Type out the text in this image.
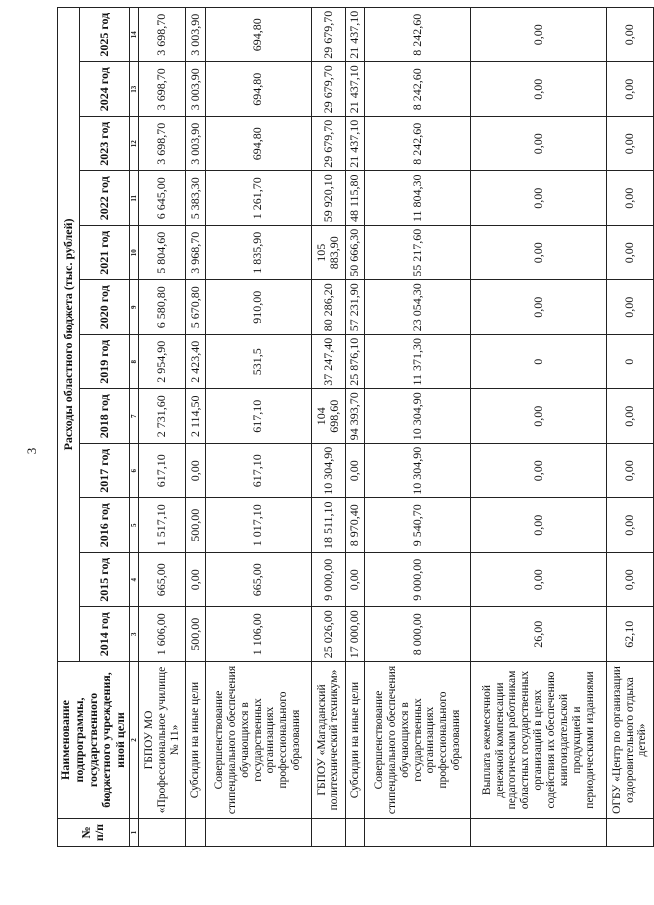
3
№ п/п	Наименование подпрограммы, государственного бюджетного учреждения, иной цели	Расходы областного бюджета (тыс. рублей)											
		2014 год	2015 год	2016 год	2017 год	2018 год	2019 год	2020 год	2021 год	2022 год	2023 год	2024 год	2025 год
1	2	3	4	5	6	7	8	9	10	11	12	13	14
	ГБПОУ МО «Профессиональное училище № 11»	1 606,00	665,00	1 517,10	617,10	2 731,60	2 954,90	6 580,80	5 804,60	6 645,00	3 698,70	3 698,70	3 698,70
	Субсидии на иные цели	500,00	0,00	500,00	0,00	2 114,50	2 423,40	5 670,80	3 968,70	5 383,30	3 003,90	3 003,90	3 003,90
	Совершенствование стипендиального обеспечения обучающихся в государственных организациях профессионального образования	1 106,00	665,00	1 017,10	617,10	617,10	531,5	910,00	1 835,90	1 261,70	694,80	694,80	694,80
	ГБПОУ «Магаданский политехнический техникум»	25 026,00	9 000,00	18 511,10	10 304,90	104 698,60	37 247,40	80 286,20	105 883,90	59 920,10	29 679,70	29 679,70	29 679,70
	Субсидии на иные цели	17 000,00	0,00	8 970,40	0,00	94 393,70	25 876,10	57 231,90	50 666,30	48 115,80	21 437,10	21 437,10	21 437,10
	Совершенствование стипендиального обеспечения обучающихся в государственных организациях профессионального образования	8 000,00	9 000,00	9 540,70	10 304,90	10 304,90	11 371,30	23 054,30	55 217,60	11 804,30	8 242,60	8 242,60	8 242,60
	Выплата ежемесячной денежной компенсации педагогическим работникам областных государственных организаций в целях содействия их обеспечению книгоиздательской продукцией и периодическими изданиями	26,00	0,00	0,00	0,00	0,00	0	0,00	0,00	0,00	0,00	0,00	0,00
	ОГБУ «Центр по организации оздоровительного отдыха детей»	62,10	0,00	0,00	0,00	0,00	0	0,00	0,00	0,00	0,00	0,00	0,00
